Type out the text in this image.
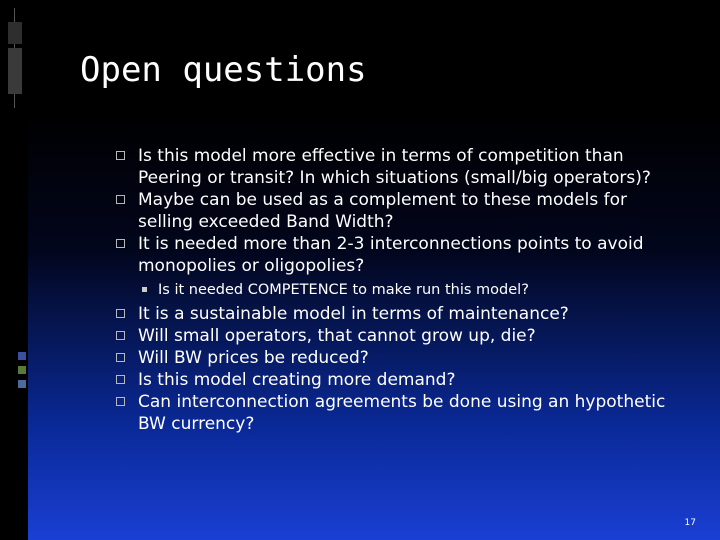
Open questions
Is this model more effective in terms of competition than Peering or transit? In which situations (small/big operators)?
Maybe can be used as a complement to these models for selling exceeded Band Width?
It is needed more than 2-3 interconnections points to avoid monopolies or oligopolies?
Is it needed COMPETENCE to make run this model?
It is a sustainable model in terms of maintenance?
Will small operators, that cannot grow up, die?
Will BW prices be reduced?
Is this model creating more demand?
Can interconnection agreements be done using an hypothetic BW currency?
17
